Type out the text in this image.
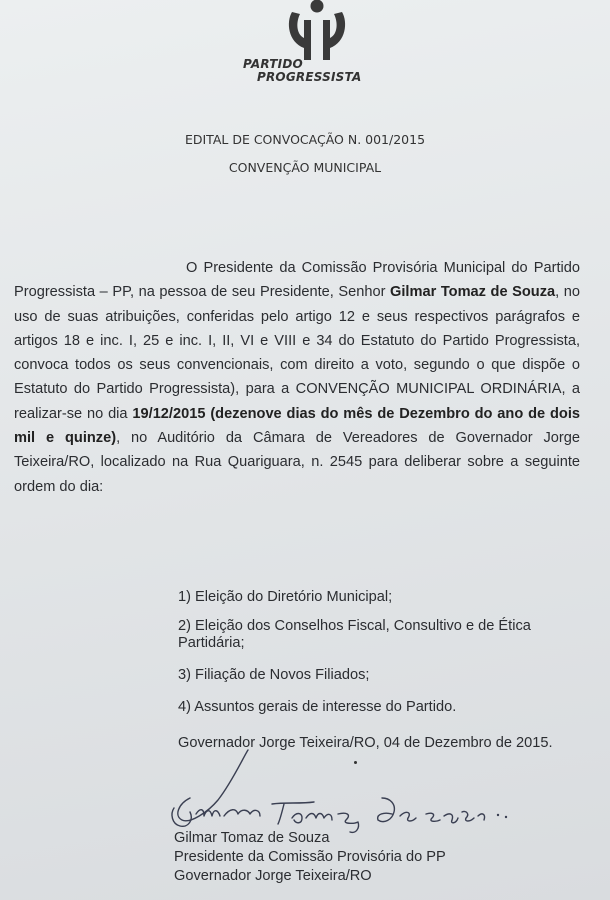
PARTIDO
PROGRESSISTA
EDITAL DE CONVOCAÇÃO N. 001/2015
CONVENÇÃO MUNICIPAL

O Presidente da Comissão Provisória Municipal do Partido Progressista – PP, na pessoa de seu Presidente, Senhor Gilmar Tomaz de Souza, no uso de suas atribuições, conferidas pelo artigo 12 e seus respectivos parágrafos e artigos 18 e inc. I, 25 e inc. I, II, VI e VIII e 34 do Estatuto do Partido Progressista, convoca todos os seus convencionais, com direito a voto, segundo o que dispõe o Estatuto do Partido Progressista), para a CONVENÇÃO MUNICIPAL ORDINÁRIA, a realizar-se no dia 19/12/2015 (dezenove dias do mês de Dezembro do ano de dois mil e quinze), no Auditório da Câmara de Vereadores de Governador Jorge Teixeira/RO, localizado na Rua Quariguara, n. 2545 para deliberar sobre a seguinte ordem do dia:

1) Eleição do Diretório Municipal;
2) Eleição dos Conselhos Fiscal, Consultivo e de Ética Partidária;
3) Filiação de Novos Filiados;
4) Assuntos gerais de interesse do Partido.
Governador Jorge Teixeira/RO, 04 de Dezembro de 2015.
Gilmar Tomaz de Souza
Presidente da Comissão Provisória do PP
Governador Jorge Teixeira/RO
